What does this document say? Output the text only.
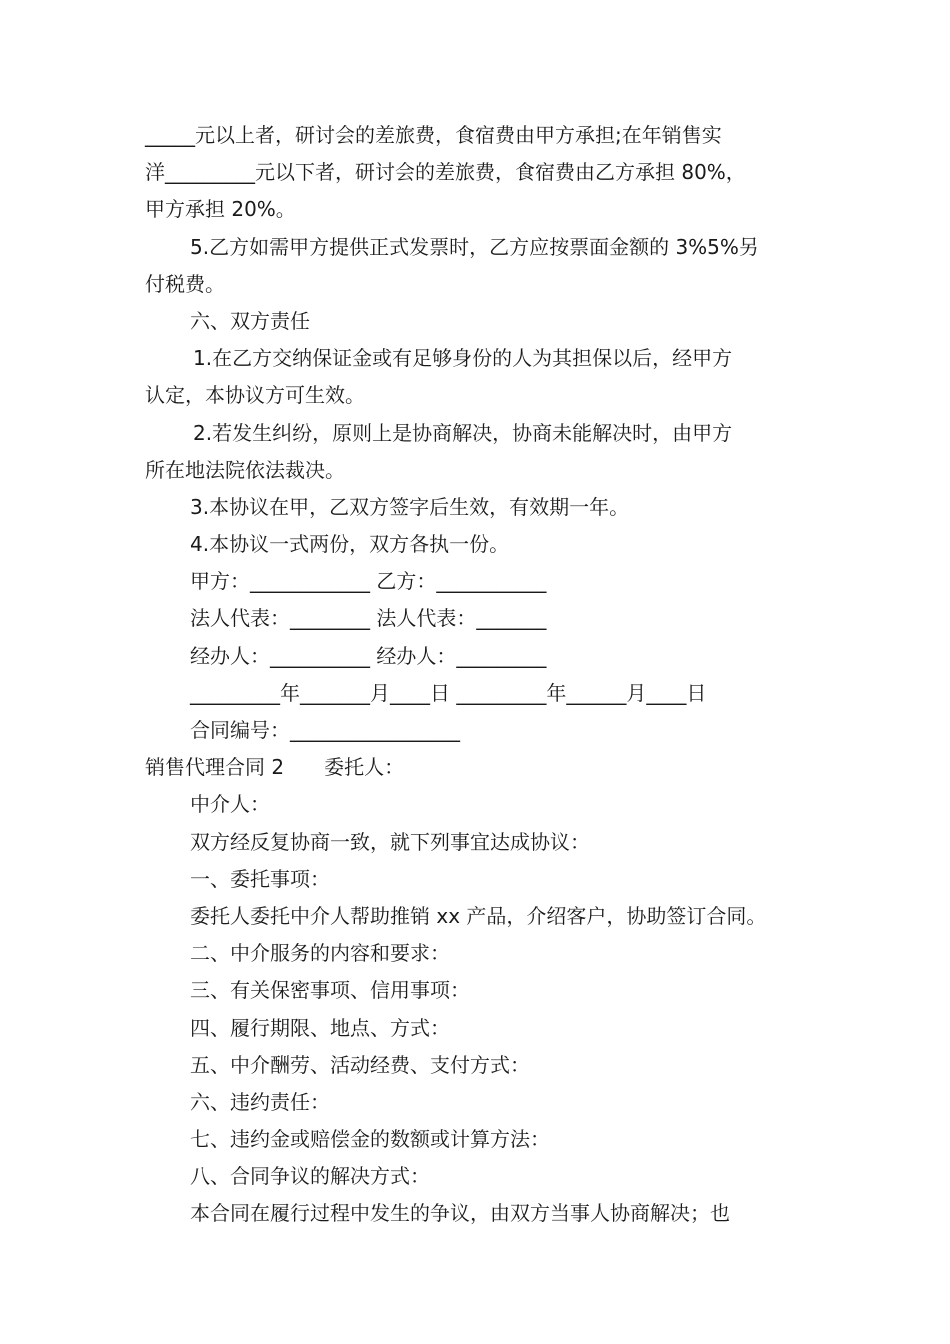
_____元以上者，研讨会的差旅费，食宿费由甲方承担;在年销售实
洋_________元以下者，研讨会的差旅费，食宿费由乙方承担 80%，
甲方承担 20%。
5.乙方如需甲方提供正式发票时，乙方应按票面金额的 3%5%另
付税费。
六、双方责任
1.在乙方交纳保证金或有足够身份的人为其担保以后，经甲方
认定，本协议方可生效。
2.若发生纠纷，原则上是协商解决，协商未能解决时，由甲方
所在地法院依法裁决。
3.本协议在甲，乙双方签字后生效，有效期一年。
4.本协议一式两份，双方各执一份。
甲方：____________ 乙方：___________
法人代表：________ 法人代表：_______
经办人：__________ 经办人：_________
_________年_______月____日 _________年______月____日
合同编号：_________________
销售代理合同 2　　委托人：
中介人：
双方经反复协商一致，就下列事宜达成协议：
一、委托事项：
委托人委托中介人帮助推销 xx 产品，介绍客户，协助签订合同。
二、中介服务的内容和要求：
三、有关保密事项、信用事项：
四、履行期限、地点、方式：
五、中介酬劳、活动经费、支付方式：
六、违约责任：
七、违约金或赔偿金的数额或计算方法：
八、合同争议的解决方式：
本合同在履行过程中发生的争议，由双方当事人协商解决；也
